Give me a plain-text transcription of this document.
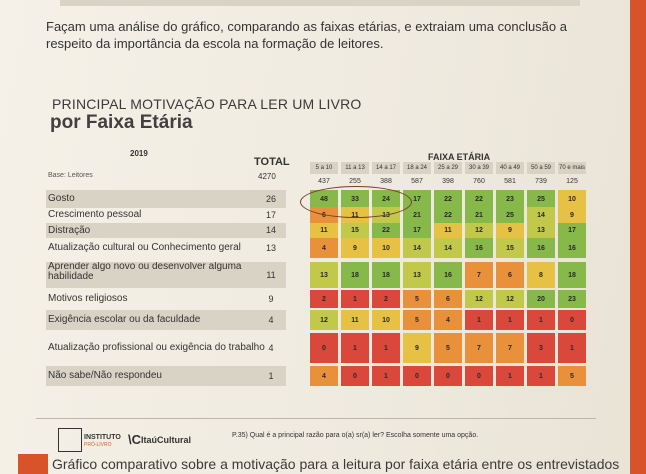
Façam uma análise do gráfico, comparando as faixas etárias, e extraiam uma conclusão a respeito da importância da escola na formação de leitores.
PRINCIPAL MOTIVAÇÃO PARA LER UM LIVRO
por Faixa Etária
2019
TOTAL	FAIXA ETÁRIA
Base: Leitores	4270
5 a 10	11 a 13	14 a 17	18 a 24	25 a 29	30 a 39	40 a 49	50 a 59	70 e mais
437	255	388	587	398	760	581	739	125
Gosto	26	48	33	24	17	22	22	23	25	10
Crescimento pessoal	17	6	11	13	21	22	21	25	14	9
Distração	14	11	15	22	17	11	12	9	13	17
Atualização cultural ou Conhecimento geral	13	4	9	10	14	14	16	15	16	16
Aprender algo novo ou desenvolver alguma habilidade	11	13	18	18	13	16	7	6	8	18
Motivos religiosos	9	2	1	2	5	6	12	12	20	23
Exigência escolar ou da faculdade	4	12	11	10	5	4	1	1	1	0
Atualização profissional ou exigência do trabalho 4	0	1	1	9	5	7	7	3	1
Não sabe/Não respondeu	1	4	0	1	0	0	0	1	1	5
INSTITUTO
PRÓ-LIVRO \C ItaúCultural	P.35) Qual é a principal razão para o(a) sr(a) ler? Escolha somente uma opção.
Gráfico comparativo sobre a motivação para a leitura por faixa etária entre os entrevistados
